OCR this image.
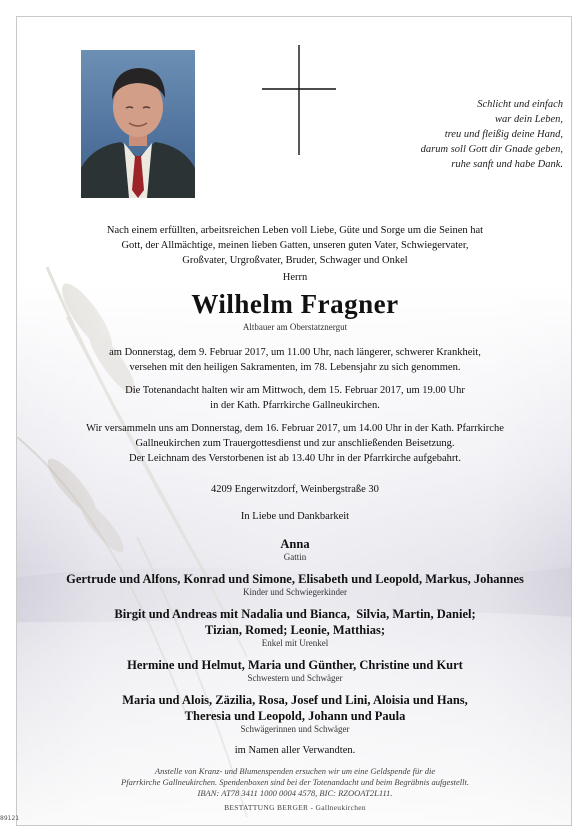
Schlicht und einfach
war dein Leben,
treu und fleißig deine Hand,
darum soll Gott dir Gnade geben,
ruhe sanft und habe Dank.
Nach einem erfüllten, arbeitsreichen Leben voll Liebe, Güte und Sorge um die Seinen hat
Gott, der Allmächtige, meinen lieben Gatten, unseren guten Vater, Schwiegervater,
Großvater, Urgroßvater, Bruder, Schwager und Onkel
Herrn
Wilhelm Fragner
Altbauer am Oberstatznergut
am Donnerstag, dem 9. Februar 2017, um 11.00 Uhr, nach längerer, schwerer Krankheit,
versehen mit den heiligen Sakramenten, im 78. Lebensjahr zu sich genommen.
Die Totenandacht halten wir am Mittwoch, dem 15. Februar 2017, um 19.00 Uhr
in der Kath. Pfarrkirche Gallneukirchen.
Wir versammeln uns am Donnerstag, dem 16. Februar 2017, um 14.00 Uhr in der Kath. Pfarrkirche
Gallneukirchen zum Trauergottesdienst und zur anschließenden Beisetzung.
Der Leichnam des Verstorbenen ist ab 13.40 Uhr in der Pfarrkirche aufgebahrt.
4209 Engerwitzdorf, Weinbergstraße 30
In Liebe und Dankbarkeit
Anna
Gattin
Gertrude und Alfons, Konrad und Simone, Elisabeth und Leopold, Markus, Johannes
Kinder und Schwiegerkinder
Birgit und Andreas mit Nadalia und Bianca,  Silvia, Martin, Daniel;
Tizian, Romed; Leonie, Matthias;
Enkel mit Urenkel
Hermine und Helmut, Maria und Günther, Christine und Kurt
Schwestern und Schwäger
Maria und Alois, Zäzilia, Rosa, Josef und Lini, Aloisia und Hans,
Theresia und Leopold, Johann und Paula
Schwägerinnen und Schwäger
im Namen aller Verwandten.
Anstelle von Kranz- und Blumenspenden ersuchen wir um eine Geldspende für die
Pfarrkirche Gallneukirchen. Spendenboxen sind bei der Totenandacht und beim Begräbnis aufgestellt.
IBAN: AT78 3411 1000 0004 4578, BIC: RZOOAT2L111.
BESTATTUNG BERGER - Gallneukirchen
89121
